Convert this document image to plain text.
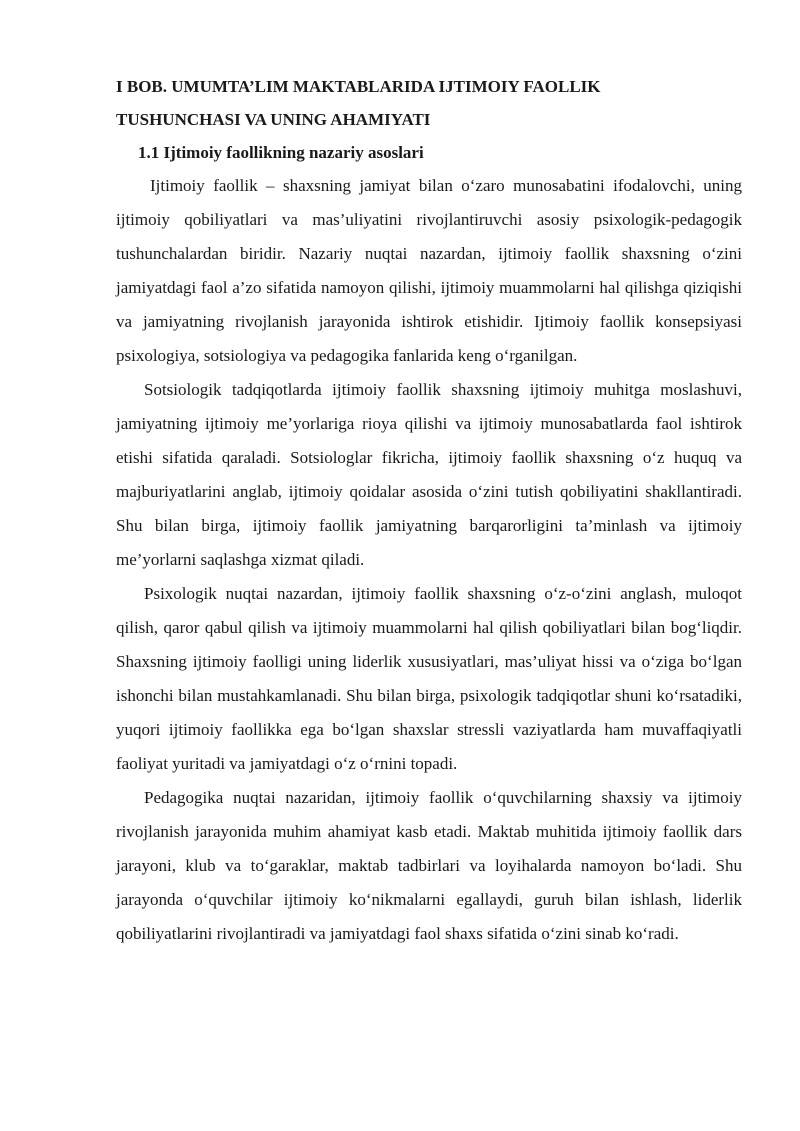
I BOB. UMUMTA’LIM MAKTABLARIDA IJTIMOIY FAOLLIK
TUSHUNCHASI VA UNING AHAMIYATI

1.1 Ijtimoiy faollikning nazariy asoslari

Ijtimoiy faollik – shaxsning jamiyat bilan o‘zaro munosabatini ifodalovchi, uning ijtimoiy qobiliyatlari va mas’uliyatini rivojlantiruvchi asosiy psixologik-pedagogik tushunchalardan biridir. Nazariy nuqtai nazardan, ijtimoiy faollik shaxsning o‘zini jamiyatdagi faol a’zo sifatida namoyon qilishi, ijtimoiy muammolarni hal qilishga qiziqishi va jamiyatning rivojlanish jarayonida ishtirok etishidir. Ijtimoiy faollik konsepsiyasi psixologiya, sotsiologiya va pedagogika fanlarida keng o‘rganilgan.

Sotsiologik tadqiqotlarda ijtimoiy faollik shaxsning ijtimoiy muhitga moslashuvi, jamiyatning ijtimoiy me’yorlariga rioya qilishi va ijtimoiy munosabatlarda faol ishtirok etishi sifatida qaraladi. Sotsiologlar fikricha, ijtimoiy faollik shaxsning o‘z huquq va majburiyatlarini anglab, ijtimoiy qoidalar asosida o‘zini tutish qobiliyatini shakllantiradi. Shu bilan birga, ijtimoiy faollik jamiyatning barqarorligini ta’minlash va ijtimoiy me’yorlarni saqlashga xizmat qiladi.

Psixologik nuqtai nazardan, ijtimoiy faollik shaxsning o‘z-o‘zini anglash, muloqot qilish, qaror qabul qilish va ijtimoiy muammolarni hal qilish qobiliyatlari bilan bog‘liqdir. Shaxsning ijtimoiy faolligi uning liderlik xususiyatlari, mas’uliyat hissi va o‘ziga bo‘lgan ishonchi bilan mustahkamlanadi. Shu bilan birga, psixologik tadqiqotlar shuni ko‘rsatadiki, yuqori ijtimoiy faollikka ega bo‘lgan shaxslar stressli vaziyatlarda ham muvaffaqiyatli faoliyat yuritadi va jamiyatdagi o‘z o‘rnini topadi.

Pedagogika nuqtai nazaridan, ijtimoiy faollik o‘quvchilarning shaxsiy va ijtimoiy rivojlanish jarayonida muhim ahamiyat kasb etadi. Maktab muhitida ijtimoiy faollik dars jarayoni, klub va to‘garaklar, maktab tadbirlari va loyihalarda namoyon bo‘ladi. Shu jarayonda o‘quvchilar ijtimoiy ko‘nikmalarni egallaydi, guruh bilan ishlash, liderlik qobiliyatlarini rivojlantiradi va jamiyatdagi faol shaxs sifatida o‘zini sinab ko‘radi.
